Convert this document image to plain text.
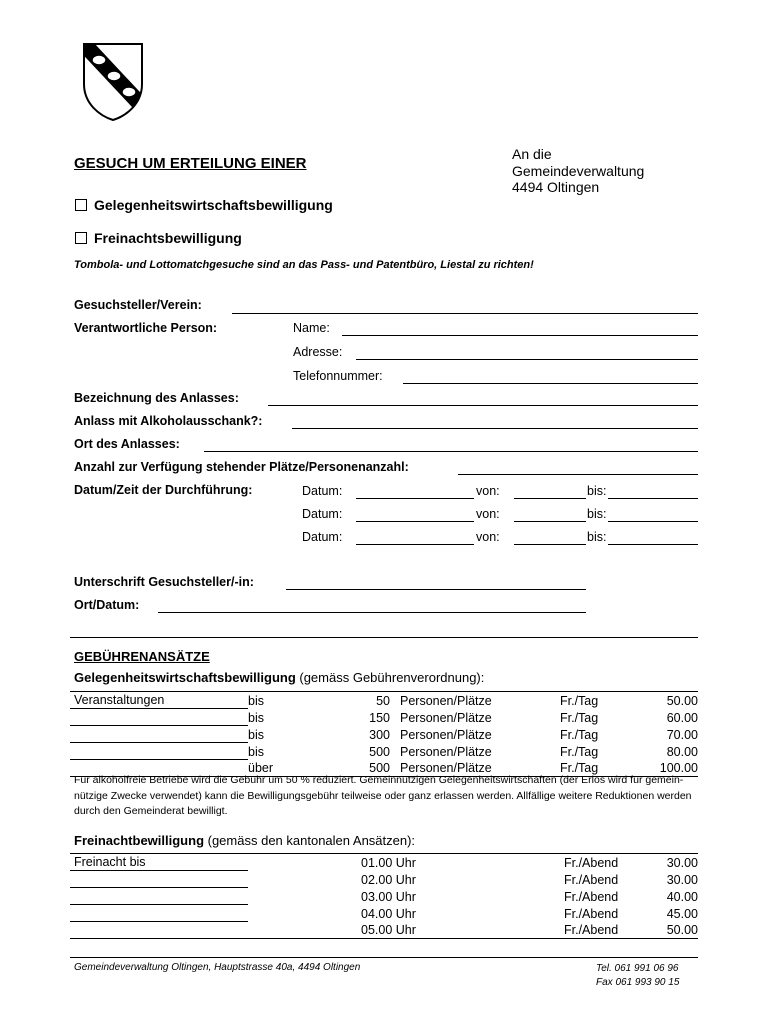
An die
Gemeindeverwaltung
4494 Oltingen
GESUCH UM ERTEILUNG EINER
Gelegenheitswirtschaftsbewilligung
Freinachtsbewilligung
Tombola- und Lottomatchgesuche sind an das Pass- und Patentbüro, Liestal zu richten!
Gesuchsteller/Verein:
Verantwortliche Person:	Name:
Adresse:
Telefonnummer:
Bezeichnung des Anlasses:
Anlass mit Alkoholausschank?:
Ort des Anlasses:
Anzahl zur Verfügung stehender Plätze/Personenanzahl:
Datum/Zeit der Durchführung:	Datum:	von:	bis:
Datum:	von:	bis:
Datum:	von:	bis:
Unterschrift Gesuchsteller/-in:
Ort/Datum:
GEBÜHRENANSÄTZE
Gelegenheitswirtschaftsbewilligung (gemäss Gebührenverordnung):
Veranstaltungen	bis	50		Personen/Plätze	Fr./Tag	50.00
	bis	150		Personen/Plätze	Fr./Tag	60.00
	bis	300		Personen/Plätze	Fr./Tag	70.00
	bis	500		Personen/Plätze	Fr./Tag	80.00
	über	500		Personen/Plätze	Fr./Tag	100.00
Für alkoholfreie Betriebe wird die Gebühr um 50 % reduziert. Gemeinnützigen Gelegenheitswirtschaften (der Erlös wird für gemein-nützige Zwecke verwendet) kann die Bewilligungsgebühr teilweise oder ganz erlassen werden. Allfällige weitere Reduktionen werden durch den Gemeinderat bewilligt.
Freinachtbewilligung (gemäss den kantonalen Ansätzen):
Freinacht bis		01.00 Uhr	Fr./Abend	30.00
		02.00 Uhr	Fr./Abend	30.00
		03.00 Uhr	Fr./Abend	40.00
		04.00 Uhr	Fr./Abend	45.00
		05.00 Uhr	Fr./Abend	50.00
Gemeindeverwaltung Oltingen, Hauptstrasse 40a, 4494 Oltingen	Tel. 061 991 06 96
Fax 061 993 90 15
